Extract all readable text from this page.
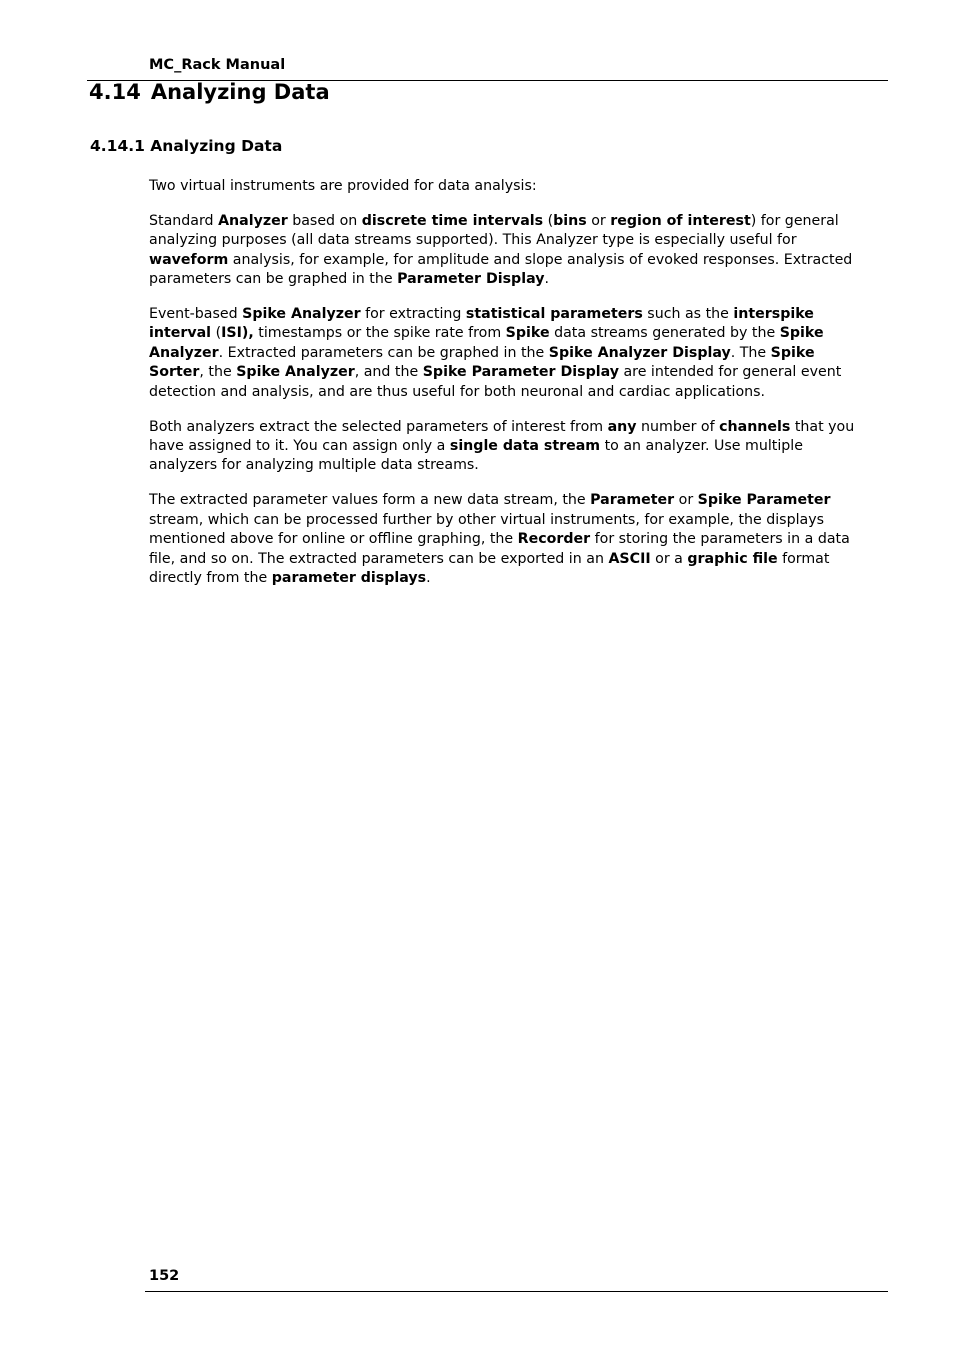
MC_Rack Manual
4.14 Analyzing Data
4.14.1 Analyzing Data

Two virtual instruments are provided for data analysis:

Standard Analyzer based on discrete time intervals (bins or region of interest) for general analyzing purposes (all data streams supported). This Analyzer type is especially useful for waveform analysis, for example, for amplitude and slope analysis of evoked responses. Extracted parameters can be graphed in the Parameter Display.

Event-based Spike Analyzer for extracting statistical parameters such as the interspike interval (ISI), timestamps or the spike rate from Spike data streams generated by the Spike Analyzer. Extracted parameters can be graphed in the Spike Analyzer Display. The Spike Sorter, the Spike Analyzer, and the Spike Parameter Display are intended for general event detection and analysis, and are thus useful for both neuronal and cardiac applications.

Both analyzers extract the selected parameters of interest from any number of channels that you have assigned to it. You can assign only a single data stream to an analyzer. Use multiple analyzers for analyzing multiple data streams.

The extracted parameter values form a new data stream, the Parameter or Spike Parameter stream, which can be processed further by other virtual instruments, for example, the displays mentioned above for online or offline graphing, the Recorder for storing the parameters in a data file, and so on. The extracted parameters can be exported in an ASCII or a graphic file format directly from the parameter displays.

152
